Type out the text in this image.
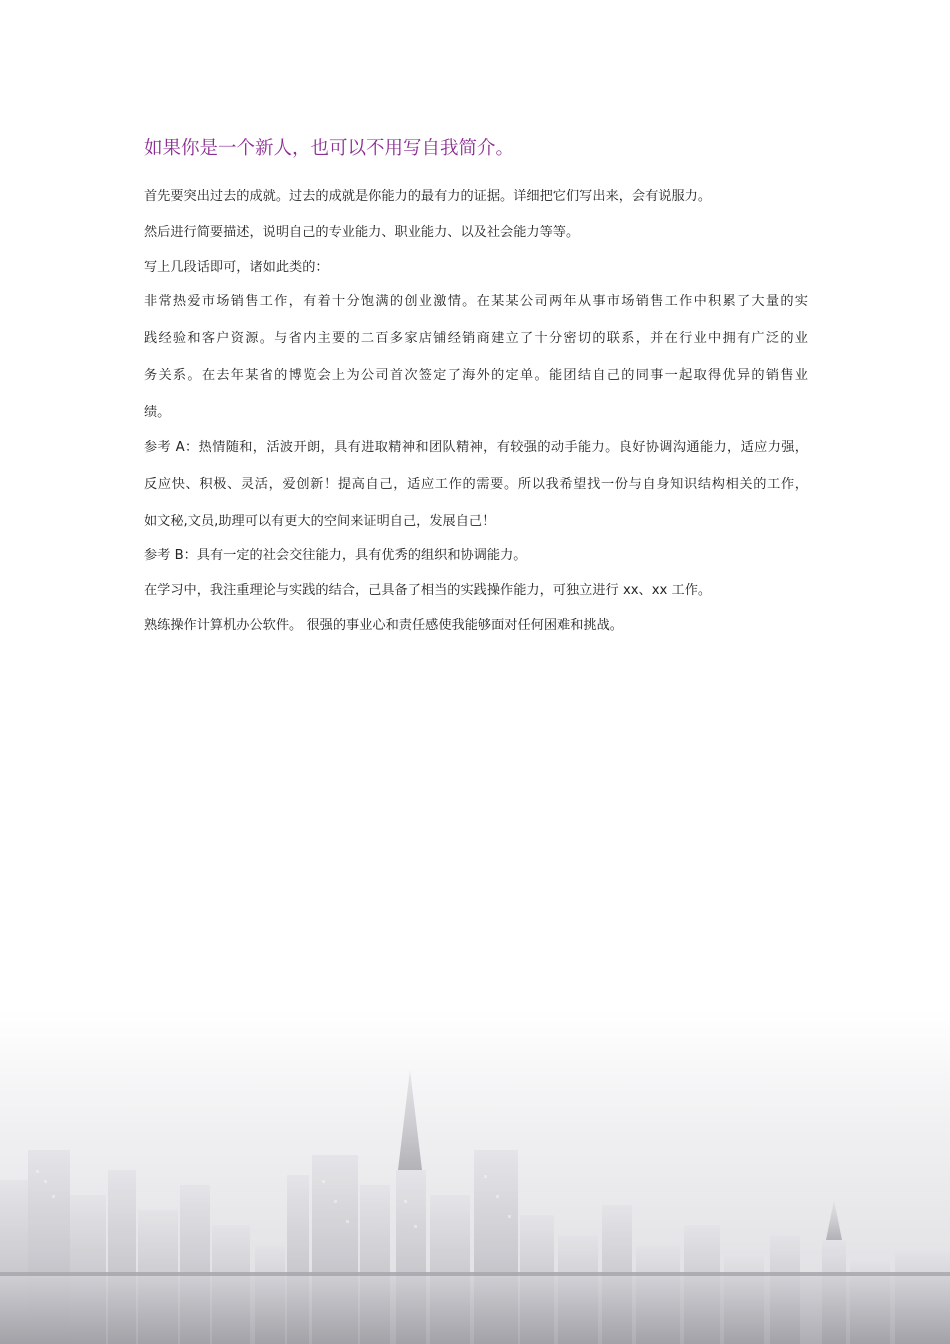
如果你是一个新人，也可以不用写自我简介。
首先要突出过去的成就。过去的成就是你能力的最有力的证据。详细把它们写出来，会有说服力。
然后进行简要描述，说明自己的专业能力、职业能力、以及社会能力等等。
写上几段话即可，诸如此类的：
非常热爱市场销售工作，有着十分饱满的创业激情。在某某公司两年从事市场销售工作中积累了大量的实
践经验和客户资源。与省内主要的二百多家店铺经销商建立了十分密切的联系，并在行业中拥有广泛的业
务关系。在去年某省的博览会上为公司首次签定了海外的定单。能团结自己的同事一起取得优异的销售业
绩。
参考 A：热情随和，活波开朗，具有进取精神和团队精神，有较强的动手能力。良好协调沟通能力，适应力强，
反应快、积极、灵活，爱创新！提高自己，适应工作的需要。所以我希望找一份与自身知识结构相关的工作，
如文秘,文员,助理可以有更大的空间来证明自己，发展自己！
参考 B：具有一定的社会交往能力，具有优秀的组织和协调能力。
在学习中，我注重理论与实践的结合，己具备了相当的实践操作能力，可独立进行 xx、xx 工作。
熟练操作计算机办公软件。 很强的事业心和责任感使我能够面对任何困难和挑战。
